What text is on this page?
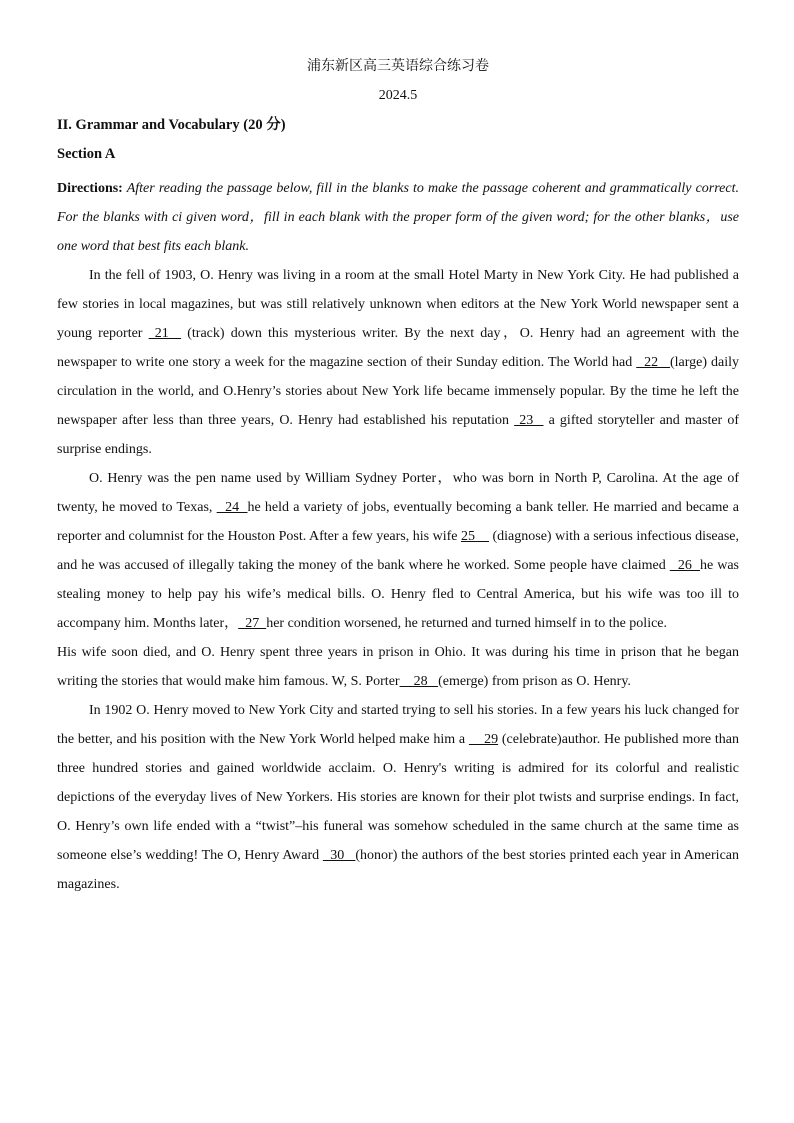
浦东新区高三英语综合练习卷
2024.5
II. Grammar and Vocabulary (20 分)
Section A
Directions: After reading the passage below, fill in the blanks to make the passage coherent and grammatically correct. For the blanks with ci given word，fill in each blank with the proper form of the given word; for the other blanks，use one word that best fits each blank.

In the fell of 1903, O. Henry was living in a room at the small Hotel Marty in New York City. He had published a few stories in local magazines, but was still relatively unknown when editors at the New York World newspaper sent a young reporter  21   (track) down this mysterious writer. By the next day，O. Henry had an agreement with the newspaper to write one story a week for the magazine section of their Sunday edition. The World had   22   (large) daily circulation in the world, and O.Henry’s stories about New York life became immensely popular. By the time he left the newspaper after less than three years, O. Henry had established his reputation  23   a gifted storyteller and master of surprise endings.

O. Henry was the pen name used by William Sydney Porter，who was born in North P, Carolina. At the age of twenty, he moved to Texas,   24  he held a variety of jobs, eventually becoming a bank teller. He married and became a reporter and columnist for the Houston Post. After a few years, his wife 25     (diagnose) with a serious infectious disease, and he was accused of illegally taking the money of the bank where he worked. Some people have claimed   26  he was stealing money to help pay his wife’s medical bills. O. Henry fled to Central America, but his wife was too ill to accompany him. Months later，  27  her condition worsened, he returned and turned himself in to the police.

His wife soon died, and O. Henry spent three years in prison in Ohio. It was during his time in prison that he began writing the stories that would make him famous. W, S. Porter    28   (emerge) from prison as O. Henry.

In 1902 O. Henry moved to New York City and started trying to sell his stories. In a few years his luck changed for the better, and his position with the New York World helped make him a     29 (celebrate)author. He published more than three hundred stories and gained worldwide acclaim. O. Henry's writing is admired for its colorful and realistic depictions of the everyday lives of New Yorkers. His stories are known for their plot twists and surprise endings. In fact, O. Henry’s own life ended with a “twist”–his funeral was somehow scheduled in the same church at the same time as someone else’s wedding! The O, Henry Award   30   (honor) the authors of the best stories printed each year in American magazines.
